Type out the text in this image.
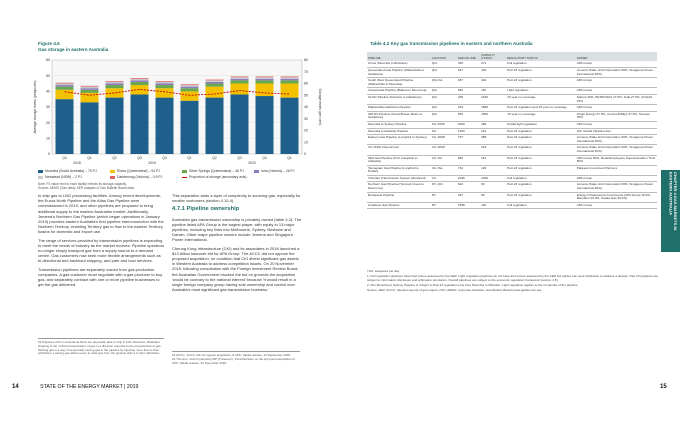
Figure 4.6
Gas storage in eastern Australia
60
50
40
30
20
10
0
80
70
60
50
40
30
20
10
0
Average storage levels (petajoules)	Storage levels (per cent)
Q4	Q1	Q2	Q3	Q4	Q1	Q2	Q3	Q4	Q1
2018	2019	2020
Moomba (South Australia) – 70 PJ	Roma (Queensland) – 54 PJ	Silver Springs (Queensland) – 46 PJ	Iona (Victoria) – 26 PJNewstead (NSW) – 2 PJ	Dandenong (Victoria) – 0.5 PJ	Proportion of storage (secondary axis)
Note: PJ value next to each facility reflects its storage capacity.
Source: AEMO (Gas data); AER analysis of Gas Bulletin Board data.

to ship gas to LNG processing facilities. Among recent developments, the Euroa North Pipeline and the Atlas Gas Pipeline were commissioned in 2019, and other pipelines are proposed to bring additional supply to the eastern Australian market. Additionally, Jemena's Northern Gas Pipeline (which began operations in January 2019) provides eastern Australia's first pipeline interconnection with the Northern Territory, enabling Territory gas to flow to the eastern Territory basins for domestic and export use.

The range of services provided by transmission pipelines is expanding to meet the needs of industry as the market evolves. Pipeline operators no longer simply transport gas from a supply source to a demand centre. Gas customers now seek more flexible arrangements such as bi-directional and backhaul shipping, and park and loan services.

Transmission pipelines are separately owned from gas production companies. A gas customer must negotiate with a gas producer to buy gas, and separately contract with one or more pipeline businesses to get the gas delivered.

This separation adds a layer of complexity to sourcing gas, especially for smaller customers (section 4.10.4).

4.7.1 Pipeline ownership

Australian gas transmission ownership is privately owned (table 4.2). The pipeline listed APA Group is the largest player, with equity in 13 major pipelines, including key links into Melbourne, Sydney, Brisbane and Darwin. Other major pipeline owners include Jemena and Singapore Power International.

Cheung Kong Infrastructure (CKI) and its associates in 2018 launched a $13 billion takeover bid for APA Group. The ACCC did not oppose the proposed acquisition, on condition that CKI divest significant gas assets in Western Australia to address competition issues. On 20 November 2018, following consultation with the Foreign Investment Review Board, the Australian Government blocked the bid on grounds the acquisition 'would be contrary to the national interest' because 'it would result in a single foreign company group having sole ownership and control over Australia's most significant gas transmission business.'

22 Pipelines with no directional flows are physically able to ship in both directions. Backhaul shipping is the 'virtual transportation' of gas in a direction opposite to the physical flow of gas. Parking gas is a way of temporarily storing gas in the pipeline by injecting more than is flow withdrawn. Loaning gas allows users to draw gas from the pipeline than it is then withdrawn.	23 ACCC, 'ACCC will not oppose acquisition of APA', Media release, 13 September 2018.
24 The Hon. Josh Frydenberg MP (Treasurer), 'Final Decision on the proposed acquisition of APA', Media release, 20 November 2018.
14	STATE OF THE ENERGY MARKET | 2019
Table 4.2 Key gas transmission pipelines in eastern and northern Australia
PIPELINE	LOCATION	LENGTH (KM)	CAPACITY (TJ/DAY)	REGULATORY STATUS	OWNER
Arrow (Moomba to Brisbane)	Qld	456	271	Full regulation	APA Group
Queensland Gas Pipeline (Wallumbilla to Gladstone)	Qld	627	145	Part 23 regulation	Jemena (State Grid Corporation 60%, Singapore Power International 40%)
South West Queensland Pipeline (Wallumbilla to Moomba)	Qld–SA	937	404	Part 23 regulation	APA Group
Carpentaria Pipeline (Ballera to Mount Isa)	Qld	840	119	Light regulation	APA Group
GLNG Pipeline (Fairview to Gladstone)	Qld	435	1430	15 year no coverage	Santos 30%, PETRONAS 27.5%, Total 27.5%, KOGAS 15%
Wallumbilla Gladstone Pipeline	Qld	334	1588	Part 23 regulation and 15 year no coverage	APA Group
APLNG Pipeline (Surat-Bowen Basin to Gladstone)	Qld	530	1560	15 year no coverage	Origin Energy 37.5%, ConocoPhillips 37.5%, Sinopec 25%
Moomba to Sydney Pipeline	SA–NSW	2029	489	Partial light regulation	APA Group
Moomba to Adelaide Pipeline	SA	1184	241	Part 23 regulation	QIC Global Infrastructure
Eastern Gas Pipeline (Longford to Sydney)	Vic–NSW	797	358	Part 23 regulation	Jemena (State Grid Corporation 60%, Singapore Power International 40%)
Vic–NSW Interconnect	Vic–NSW		223	Part 23 regulation	Jemena (State Grid Corporation 60%, Singapore Power International 40%)
SEA Gas Pipeline (Port Campbell to Adelaide)	Vic–SA	680	314	Part 23 regulation	APA Group 50%, Retail Employees Superannuation Trust 50%
Tasmanian Gas Pipeline (Longford to Hobart)	Vic–Tas	734	129	Part 23 regulation	Palisade Investment Partners
Victorian Transmission System (Declared)	Vic	2035	1030	Full regulation	APA Group
Northern Gas Pipeline (Tennant Creek to Mount Isa)	NT–Qld	622	90	Part 23 regulation	Jemena (State Grid Corporation 60%, Singapore Power International 40%)
Bonaparte Pipeline	NT	287	80	Part 23 regulation	Energy Infrastructure Investments (APA Group 19.9%, Marubeni 49.9%, Osaka Gas 30.2%)
Amadeus Gas Pipeline	NT	1658	120	Full regulation	APA Group
TJ/d, terajoules per day.
1. Full regulation pipelines have their prices assessed by the AER. Light regulation pipelines do not have their prices assessed by the AER but parties can seek arbitration to address a dispute. Part 23 pipelines are subject to information disclosure and arbitration provisions. Overall pipelines are subject to the economic regulation framework (section 4.5).
2. The Moomba to Sydney Pipeline is subject to Part 23 regulation only from Moomba to Marsden. Light regulation applies to the remainder of the pipeline.
Source: AER; ACCC; relevant reports of gas majors; OFX; AEMO; corporate websites; Gas Bulletin Board (www.gasbb.com.au).
CHAPTER 4 GAS MARKETS IN EASTERN AUSTRALIA
15
